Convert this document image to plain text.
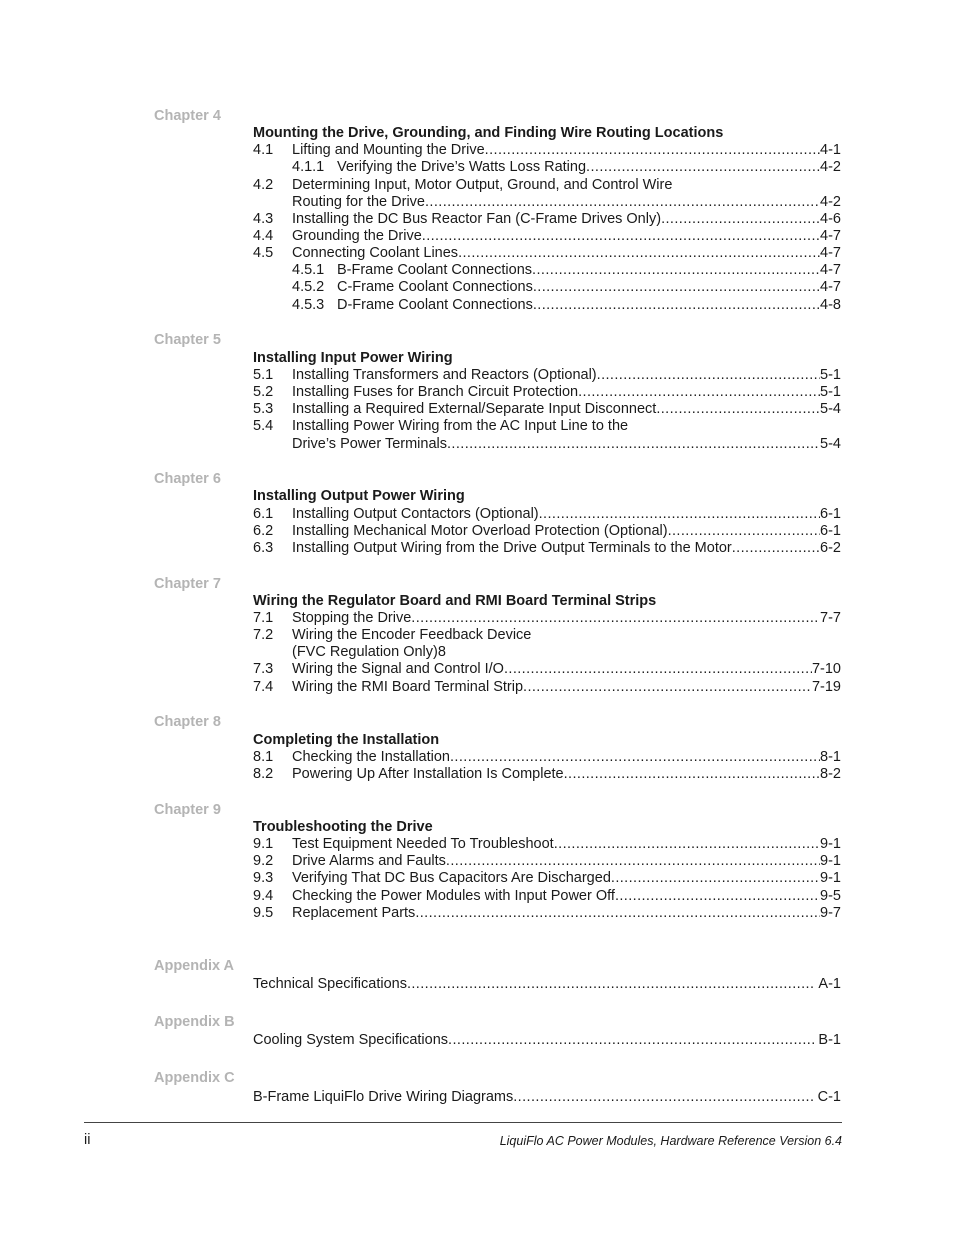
Chapter 4
Mounting the Drive, Grounding, and Finding Wire Routing Locations
4.1 Lifting and Mounting the Drive .....	4-1
4.1.1 Verifying the Drive’s Watts Loss Rating .....	4-2
4.2 Determining Input, Motor Output, Ground, and Control Wire
Routing for the Drive .....	4-2
4.3 Installing the DC Bus Reactor Fan (C-Frame Drives Only) .....	4-6
4.4 Grounding the Drive .....	4-7
4.5 Connecting Coolant Lines .....	4-7
4.5.1 B-Frame Coolant Connections .....	4-7
4.5.2 C-Frame Coolant Connections .....	4-7
4.5.3 D-Frame Coolant Connections .....	4-8
Chapter 5
Installing Input Power Wiring
5.1 Installing Transformers and Reactors (Optional) .....	5-1
5.2 Installing Fuses for Branch Circuit Protection .....	5-1
5.3 Installing a Required External/Separate Input Disconnect .....	5-4
5.4 Installing Power Wiring from the AC Input Line to the
Drive’s Power Terminals .....	5-4
Chapter 6
Installing Output Power Wiring
6.1 Installing Output Contactors (Optional) .....	6-1
6.2 Installing Mechanical Motor Overload Protection (Optional) .....	6-1
6.3 Installing Output Wiring from the Drive Output Terminals to the Motor .....	6-2
Chapter 7
Wiring the Regulator Board and RMI Board Terminal Strips
7.1 Stopping the Drive .....	7-7
7.2 Wiring the Encoder Feedback Device
(FVC Regulation Only)8
7.3 Wiring the Signal and Control I/O .....	7-10
7.4 Wiring the RMI Board Terminal Strip .....	7-19
Chapter 8
Completing the Installation
8.1 Checking the Installation .....	8-1
8.2 Powering Up After Installation Is Complete .....	8-2
Chapter 9
Troubleshooting the Drive
9.1 Test Equipment Needed To Troubleshoot .....	9-1
9.2 Drive Alarms and Faults .....	9-1
9.3 Verifying That DC Bus Capacitors Are Discharged .....	9-1
9.4 Checking the Power Modules with Input Power Off .....	9-5
9.5 Replacement Parts .....	9-7
Appendix A
Technical Specifications .....	A-1
Appendix B
Cooling System Specifications .....	B-1
Appendix C
B-Frame LiquiFlo Drive Wiring Diagrams .....	C-1
ii	LiquiFlo AC Power Modules, Hardware Reference Version 6.4
